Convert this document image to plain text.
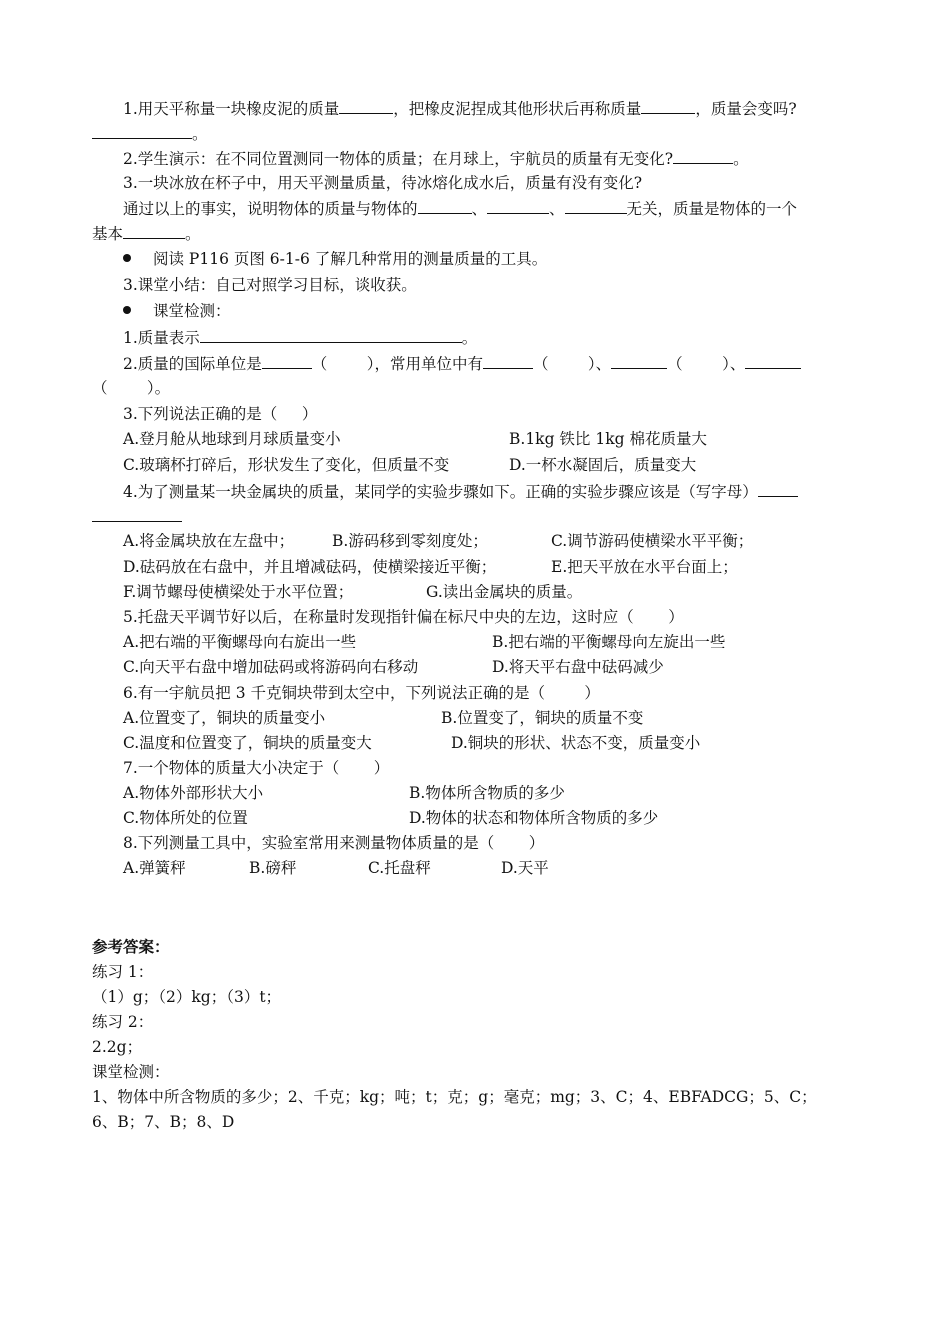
1.用天平称量一块橡皮泥的质量	，把橡皮泥捏成其他形状后再称质量	，质量会变吗?
。
2.学生演示：在不同位置测同一物体的质量；在月球上，宇航员的质量有无变化?	。
3.一块冰放在杯子中，用天平测量质量，待冰熔化成水后，质量有没有变化?
通过以上的事实，说明物体的质量与物体的	、	、	无关，质量是物体的一个
基本	。
阅读 P116 页图 6-1-6 了解几种常用的测量质量的工具。
3.课堂小结：自己对照学习目标，谈收获。
课堂检测：
1.质量表示	。
2.质量的国际单位是	（        ），常用单位中有	（        ）、	（        ）、
（        ）。
3.下列说法正确的是（     ）
A.登月舱从地球到月球质量变小	B.1kg 铁比 1kg 棉花质量大
C.玻璃杯打碎后，形状发生了变化，但质量不变	D.一杯水凝固后，质量变大
4.为了测量某一块金属块的质量，某同学的实验步骤如下。正确的实验步骤应该是（写字母）
A.将金属块放在左盘中； B.游码移到零刻度处；	C.调节游码使横梁水平平衡；
D.砝码放在右盘中，并且增减砝码，使横梁接近平衡；	E.把天平放在水平台面上；
F.调节螺母使横梁处于水平位置；	G.读出金属块的质量。
5.托盘天平调节好以后，在称量时发现指针偏在标尺中央的左边，这时应（       ）
A.把右端的平衡螺母向右旋出一些	B.把右端的平衡螺母向左旋出一些
C.向天平右盘中增加砝码或将游码向右移动	D.将天平右盘中砝码减少
6.有一宇航员把 3 千克铜块带到太空中，下列说法正确的是（        ）
A.位置变了，铜块的质量变小	B.位置变了，铜块的质量不变
C.温度和位置变了，铜块的质量变大	D.铜块的形状、状态不变，质量变小
7.一个物体的质量大小决定于（       ）
A.物体外部形状大小	B.物体所含物质的多少
C.物体所处的位置	D.物体的状态和物体所含物质的多少
8.下列测量工具中，实验室常用来测量物体质量的是（       ）
A.弹簧秤	B.磅秤	C.托盘秤	D.天平
参考答案：
练习 1：
（1）g；（2）kg；（3）t；
练习 2：
2.2g；
课堂检测：
1、物体中所含物质的多少；2、千克；kg；吨；t；克；g；毫克；mg；3、C；4、EBFADCG；5、C；
6、B；7、B；8、D
